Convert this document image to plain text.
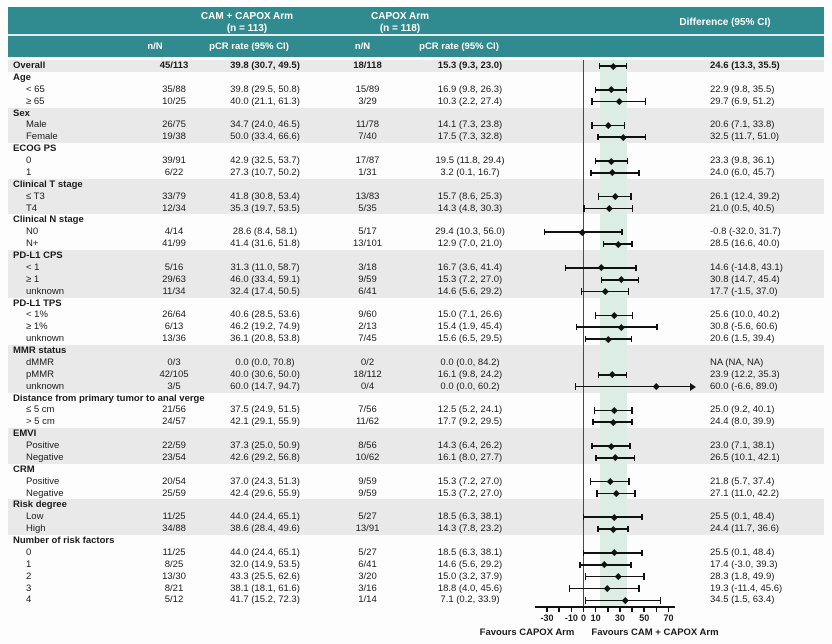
CAM + CAPOX Arm
(n = 113)
CAPOX Arm
(n = 118)
Difference (95% CI)
n/N	pCR rate (95% CI)	n/N	pCR rate (95% CI)
Overall	45/113	39.8 (30.7, 49.5)	18/118	15.3 (9.3, 23.0)	24.6 (13.3, 35.5)
Age
< 65	35/88	39.8 (29.5, 50.8)	15/89	16.9 (9.8, 26.3)	22.9 (9.8, 35.5)
≥ 65	10/25	40.0 (21.1, 61.3)	3/29	10.3 (2.2, 27.4)	29.7 (6.9, 51.2)
Sex
Male	26/75	34.7 (24.0, 46.5)	11/78	14.1 (7.3, 23.8)	20.6 (7.1, 33.8)
Female	19/38	50.0 (33.4, 66.6)	7/40	17.5 (7.3, 32.8)	32.5 (11.7, 51.0)
ECOG PS
0	39/91	42.9 (32.5, 53.7)	17/87	19.5 (11.8, 29.4)	23.3 (9.8, 36.1)
1	6/22	27.3 (10.7, 50.2)	1/31	3.2 (0.1, 16.7)	24.0 (6.0, 45.7)
Clinical T stage
≤ T3	33/79	41.8 (30.8, 53.4)	13/83	15.7 (8.6, 25.3)	26.1 (12.4, 39.2)
T4	12/34	35.3 (19.7, 53.5)	5/35	14.3 (4.8, 30.3)	21.0 (0.5, 40.5)
Clinical N stage
N0	4/14	28.6 (8.4, 58.1)	5/17	29.4 (10.3, 56.0)	-0.8 (-32.0, 31.7)
N+	41/99	41.4 (31.6, 51.8)	13/101	12.9 (7.0, 21.0)	28.5 (16.6, 40.0)
PD-L1 CPS
< 1	5/16	31.3 (11.0, 58.7)	3/18	16.7 (3.6, 41.4)	14.6 (-14.8, 43.1)
≥ 1	29/63	46.0 (33.4, 59.1)	9/59	15.3 (7.2, 27.0)	30.8 (14.7, 45.4)
unknown	11/34	32.4 (17.4, 50.5)	6/41	14.6 (5.6, 29.2)	17.7 (-1.5, 37.0)
PD-L1 TPS
< 1%	26/64	40.6 (28.5, 53.6)	9/60	15.0 (7.1, 26.6)	25.6 (10.0, 40.2)
≥ 1%	6/13	46.2 (19.2, 74.9)	2/13	15.4 (1.9, 45.4)	30.8 (-5.6, 60.6)
unknown	13/36	36.1 (20.8, 53.8)	7/45	15.6 (6.5, 29.5)	20.6 (1.5, 39.4)
MMR status
dMMR	0/3	0.0 (0.0, 70.8)	0/2	0.0 (0.0, 84.2)	NA (NA, NA)
pMMR	42/105	40.0 (30.6, 50.0)	18/112	16.1 (9.8, 24.2)	23.9 (12.2, 35.3)
unknown	3/5	60.0 (14.7, 94.7)	0/4	0.0 (0.0, 60.2)	60.0 (-6.6, 89.0)
Distance from primary tumor to anal verge
≤ 5 cm	21/56	37.5 (24.9, 51.5)	7/56	12.5 (5.2, 24.1)	25.0 (9.2, 40.1)
> 5 cm	24/57	42.1 (29.1, 55.9)	11/62	17.7 (9.2, 29.5)	24.4 (8.0, 39.9)
EMVI
Positive	22/59	37.3 (25.0, 50.9)	8/56	14.3 (6.4, 26.2)	23.0 (7.1, 38.1)
Negative	23/54	42.6 (29.2, 56.8)	10/62	16.1 (8.0, 27.7)	26.5 (10.1, 42.1)
CRM
Positive	20/54	37.0 (24.3, 51.3)	9/59	15.3 (7.2, 27.0)	21.8 (5.7, 37.4)
Negative	25/59	42.4 (29.6, 55.9)	9/59	15.3 (7.2, 27.0)	27.1 (11.0, 42.2)
Risk degree
Low	11/25	44.0 (24.4, 65.1)	5/27	18.5 (6.3, 38.1)	25.5 (0.1, 48.4)
High	34/88	38.6 (28.4, 49.6)	13/91	14.3 (7.8, 23.2)	24.4 (11.7, 36.6)
Number of risk factors
0	11/25	44.0 (24.4, 65.1)	5/27	18.5 (6.3, 38.1)	25.5 (0.1, 48.4)
1	8/25	32.0 (14.9, 53.5)	6/41	14.6 (5.6, 29.2)	17.4 (-3.0, 39.3)
2	13/30	43.3 (25.5, 62.6)	3/20	15.0 (3.2, 37.9)	28.3 (1.8, 49.9)
3	8/21	38.1 (18.1, 61.6)	3/16	18.8 (4.0, 45.6)	19.3 (-11.4, 45.6)
4	5/12	41.7 (15.2, 72.3)	1/14	7.1 (0.2, 33.9)	34.5 (1.5, 63.4)
-30	-10 0 10	30	50	70
Favours CAPOX Arm	Favours CAM + CAPOX Arm
